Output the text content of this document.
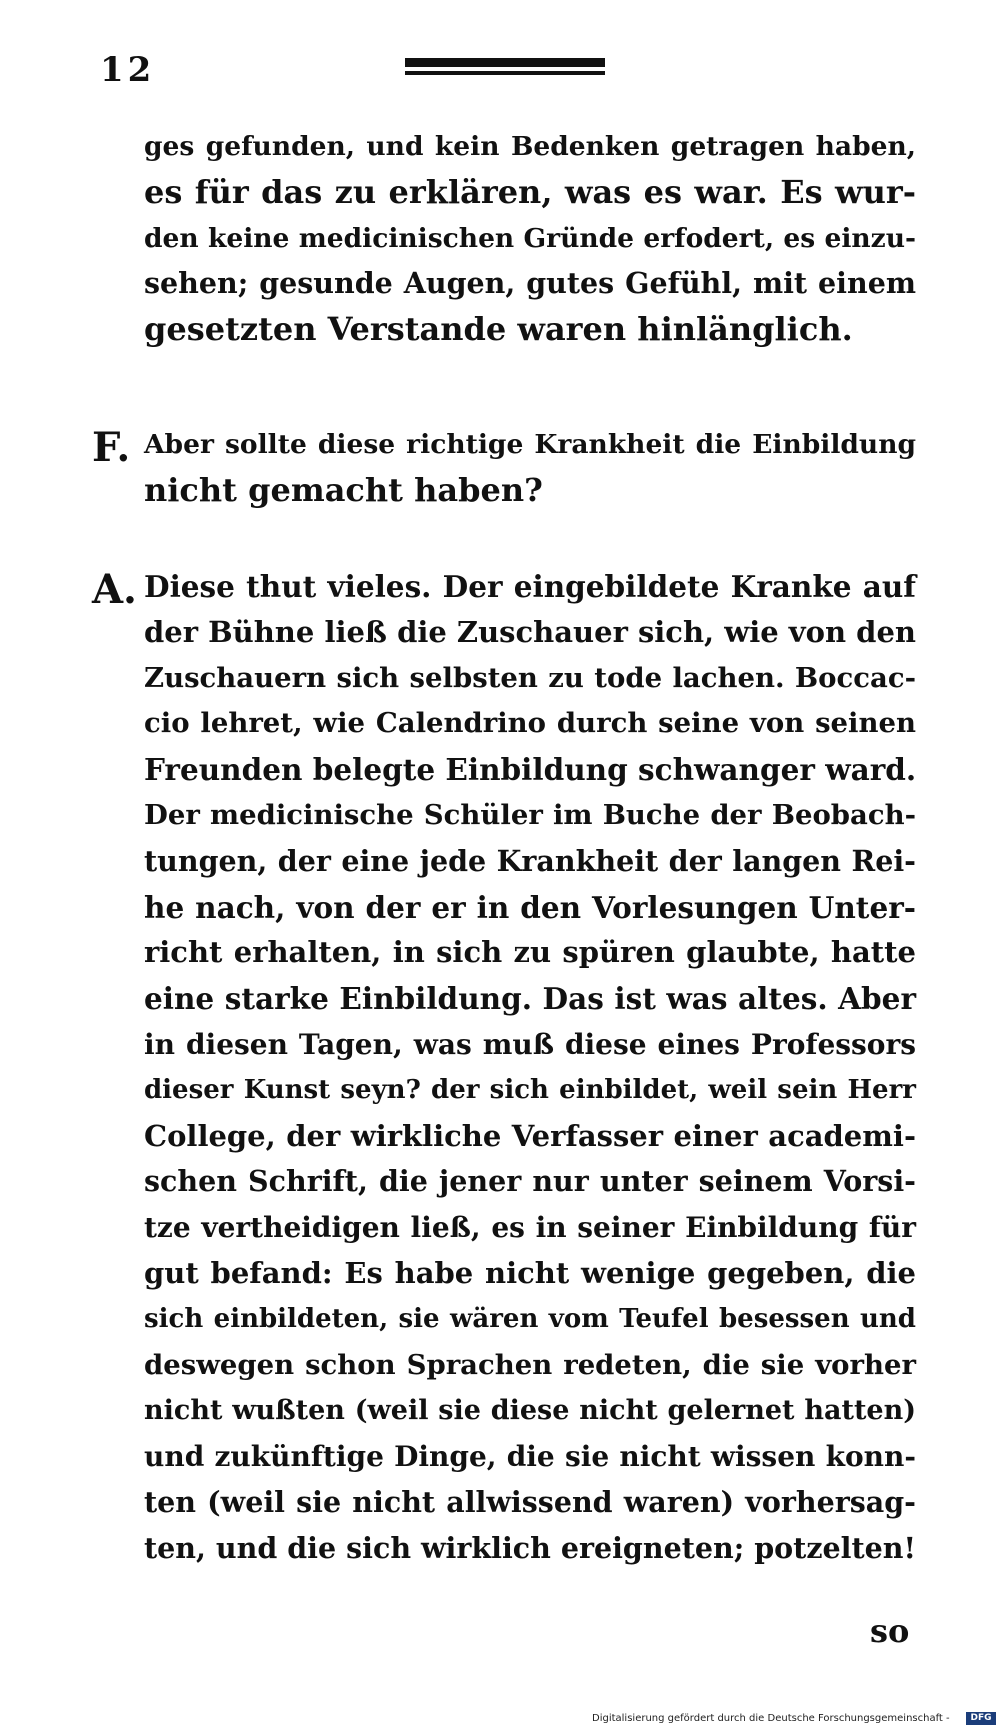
12
ges gefunden, und kein Bedenken getragen haben,
es für das zu erklären, was es war. Es wur-
den keine medicinischen Gründe erfodert, es einzu-
sehen; gesunde Augen, gutes Gefühl, mit einem
gesetzten Verstande waren hinlänglich.
F. Aber sollte diese richtige Krankheit die Einbildung
nicht gemacht haben?
A. Diese thut vieles. Der eingebildete Kranke auf
der Bühne ließ die Zuschauer sich, wie von den
Zuschauern sich selbsten zu tode lachen. Boccac-
cio lehret, wie Calendrino durch seine von seinen
Freunden belegte Einbildung schwanger ward.
Der medicinische Schüler im Buche der Beobach-
tungen, der eine jede Krankheit der langen Rei-
he nach, von der er in den Vorlesungen Unter-
richt erhalten, in sich zu spüren glaubte, hatte
eine starke Einbildung. Das ist was altes. Aber
in diesen Tagen, was muß diese eines Professors
dieser Kunst seyn? der sich einbildet, weil sein Herr
College, der wirkliche Verfasser einer academi-
schen Schrift, die jener nur unter seinem Vorsi-
tze vertheidigen ließ, es in seiner Einbildung für
gut befand: Es habe nicht wenige gegeben, die
sich einbildeten, sie wären vom Teufel besessen und
deswegen schon Sprachen redeten, die sie vorher
nicht wußten (weil sie diese nicht gelernet hatten)
und zukünftige Dinge, die sie nicht wissen konn-
ten (weil sie nicht allwissend waren) vorhersag-
ten, und die sich wirklich ereigneten; potzelten!
so
Digitalisierung gefördert durch die Deutsche Forschungsgemeinschaft -	DFG
